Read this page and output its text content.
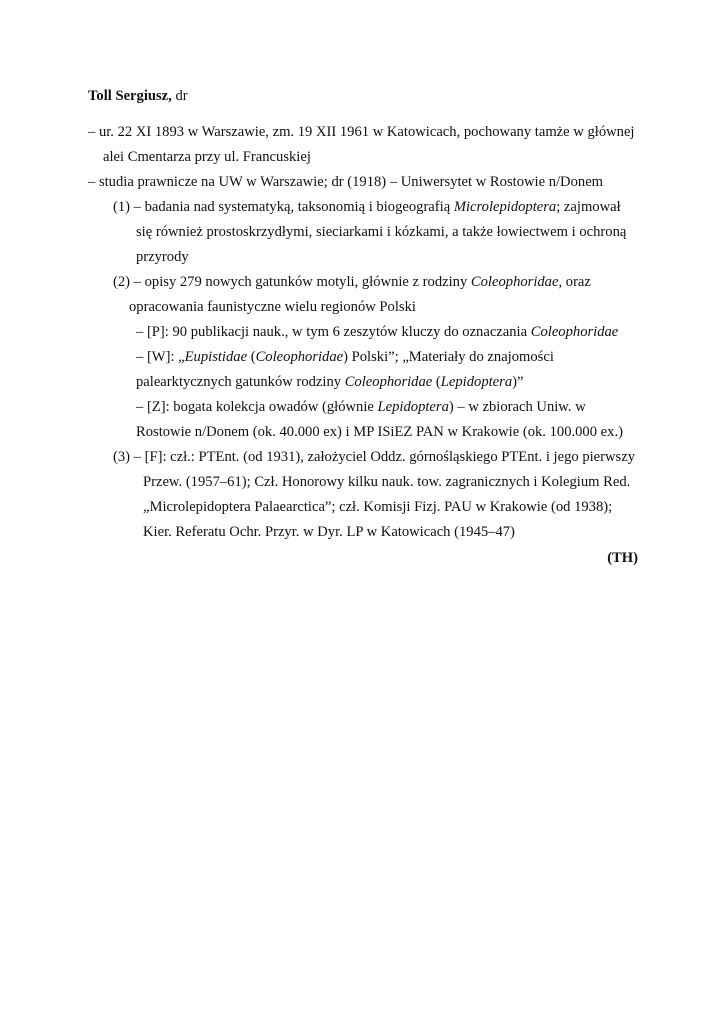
Toll Sergiusz, dr
– ur. 22 XI 1893 w Warszawie, zm. 19 XII 1961 w Katowicach, pochowany tamże w głównej
alei Cmentarza przy ul. Francuskiej
– studia prawnicze na UW w Warszawie; dr (1918) – Uniwersytet w Rostowie n/Donem
(1) – badania nad systematyką, taksonomią i biogeografią Microlepidoptera; zajmował
się również prostoskrzydłymi, sieciarkami i kózkami, a także łowiectwem i ochroną
przyrody
(2) – opisy 279 nowych gatunków motyli, głównie z rodziny Coleophoridae, oraz
opracowania faunistyczne wielu regionów Polski
– [P]: 90 publikacji nauk., w tym 6 zeszytów kluczy do oznaczania Coleophoridae
– [W]: „Eupistidae (Coleophoridae) Polski”; „Materiały do znajomości
palearktycznych gatunków rodziny Coleophoridae (Lepidoptera)”
– [Z]: bogata kolekcja owadów (głównie Lepidoptera) – w zbiorach Uniw. w
Rostowie n/Donem (ok. 40.000 ex) i MP ISiEZ PAN w Krakowie (ok. 100.000 ex.)
(3) – [F]: czł.: PTEnt. (od 1931), założyciel Oddz. górnośląskiego PTEnt. i jego pierwszy
Przew. (1957–61); Czł. Honorowy kilku nauk. tow. zagranicznych i Kolegium Red.
„Microlepidoptera Palaearctica”; czł. Komisji Fizj. PAU w Krakowie (od 1938);
Kier. Referatu Ochr. Przyr. w Dyr. LP w Katowicach (1945–47)
(TH)
